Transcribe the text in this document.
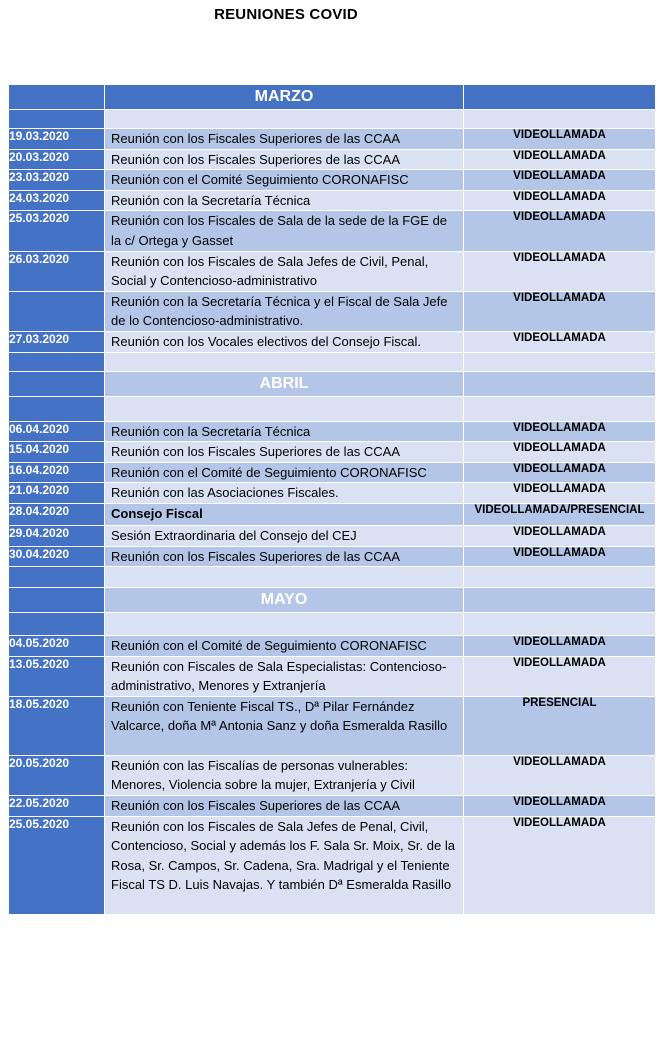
REUNIONES COVID
	MARZO	

19.03.2020	Reunión con los Fiscales Superiores de las CCAA	VIDEOLLAMADA
20.03.2020	Reunión con los Fiscales Superiores de las CCAA	VIDEOLLAMADA
23.03.2020	Reunión con el Comité Seguimiento CORONAFISC	VIDEOLLAMADA
24.03.2020	Reunión con la Secretaría Técnica	VIDEOLLAMADA
25.03.2020	Reunión con los Fiscales de Sala de la sede de la FGE de la c/ Ortega y Gasset	VIDEOLLAMADA
26.03.2020	Reunión con los Fiscales de Sala Jefes de Civil, Penal, Social y Contencioso-administrativo	VIDEOLLAMADA
	Reunión con la Secretaría Técnica y el Fiscal de Sala Jefe de lo Contencioso-administrativo.	VIDEOLLAMADA
27.03.2020	Reunión con los Vocales electivos del Consejo Fiscal.	VIDEOLLAMADA

	ABRIL	

06.04.2020	Reunión con la Secretaría Técnica	VIDEOLLAMADA
15.04.2020	Reunión con los Fiscales Superiores de las CCAA	VIDEOLLAMADA
16.04.2020	Reunión con el Comité de Seguimiento CORONAFISC	VIDEOLLAMADA
21.04.2020	Reunión con las Asociaciones Fiscales.	VIDEOLLAMADA
28.04.2020	Consejo Fiscal	VIDEOLLAMADA/PRESENCIAL
29.04.2020	Sesión Extraordinaria del Consejo del CEJ	VIDEOLLAMADA
30.04.2020	Reunión con los Fiscales Superiores de las CCAA	VIDEOLLAMADA

	MAYO	

04.05.2020	Reunión con el Comité de Seguimiento CORONAFISC	VIDEOLLAMADA
13.05.2020	Reunión con Fiscales de Sala Especialistas: Contencioso-administrativo, Menores y Extranjería	VIDEOLLAMADA
18.05.2020	Reunión con Teniente Fiscal TS., Dª Pilar Fernández Valcarce, doña Mª Antonia Sanz y doña Esmeralda Rasillo	PRESENCIAL
20.05.2020	Reunión con las Fiscalías de personas vulnerables: Menores, Violencia sobre la mujer, Extranjería y Civil	VIDEOLLAMADA
22.05.2020	Reunión con los Fiscales Superiores de las CCAA	VIDEOLLAMADA
25.05.2020	Reunión con los Fiscales de Sala Jefes de Penal, Civil, Contencioso, Social y además los F. Sala Sr. Moix, Sr. de la Rosa, Sr. Campos, Sr. Cadena, Sra. Madrigal y el Teniente Fiscal TS D. Luis Navajas. Y también Dª Esmeralda Rasillo	VIDEOLLAMADA
